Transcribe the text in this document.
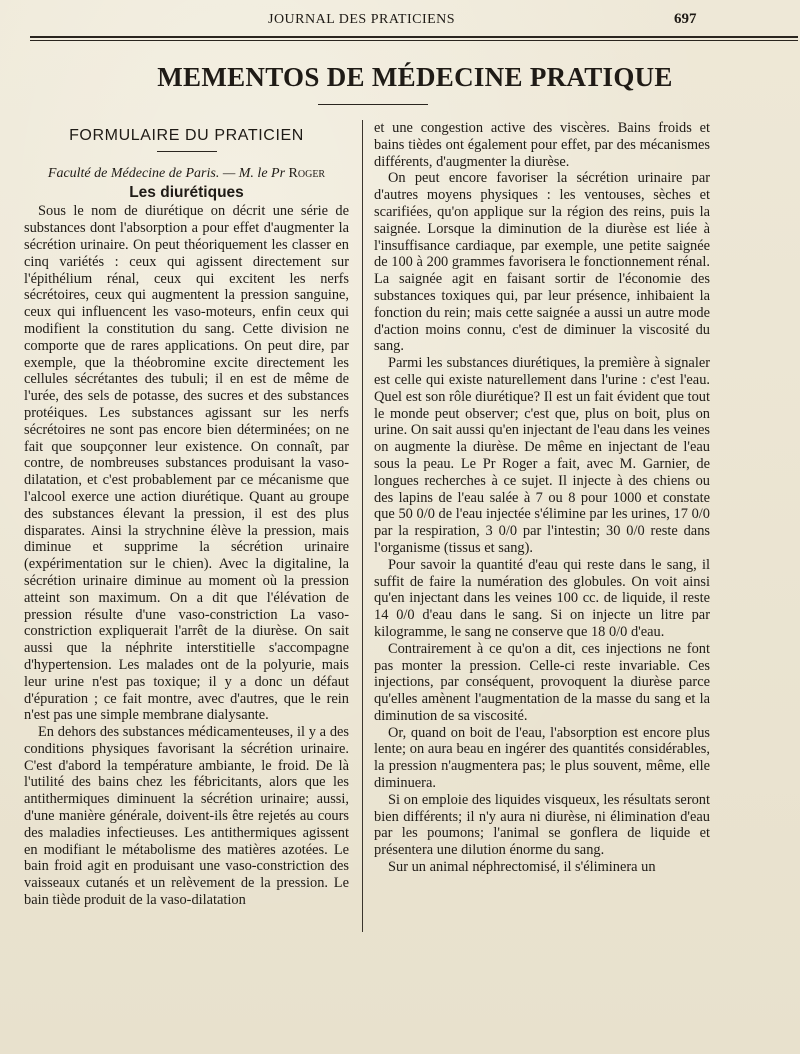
JOURNAL DES PRATICIENS	697
MEMENTOS DE MÉDECINE PRATIQUE
FORMULAIRE DU PRATICIEN
Faculté de Médecine de Paris. — M. le Pr Roger
Les diurétiques

Sous le nom de diurétique on décrit une série de substances dont l'absorption a pour effet d'augmenter la sécrétion urinaire. On peut théoriquement les classer en cinq variétés : ceux qui agissent directement sur l'épithélium rénal, ceux qui excitent les nerfs sécrétoires, ceux qui augmentent la pression sanguine, ceux qui influencent les vaso-moteurs, enfin ceux qui modifient la constitution du sang. Cette division ne comporte que de rares applications. On peut dire, par exemple, que la théobromine excite directement les cellules sécrétantes des tubuli; il en est de même de l'urée, des sels de potasse, des sucres et des substances protéiques. Les substances agissant sur les nerfs sécrétoires ne sont pas encore bien déterminées; on ne fait que soupçonner leur existence. On connaît, par contre, de nombreuses substances produisant la vaso-dilatation, et c'est probablement par ce mécanisme que l'alcool exerce une action diurétique. Quant au groupe des substances élevant la pression, il est des plus disparates. Ainsi la strychnine élève la pression, mais diminue et supprime la sécrétion urinaire (expérimentation sur le chien). Avec la digitaline, la sécrétion urinaire diminue au moment où la pression atteint son maximum. On a dit que l'élévation de pression résulte d'une vaso-constriction La vaso-constriction expliquerait l'arrêt de la diurèse. On sait aussi que la néphrite interstitielle s'accompagne d'hypertension. Les malades ont de la polyurie, mais leur urine n'est pas toxique; il y a donc un défaut d'épuration ; ce fait montre, avec d'autres, que le rein n'est pas une simple membrane dialysante.

En dehors des substances médicamenteuses, il y a des conditions physiques favorisant la sécrétion urinaire. C'est d'abord la température ambiante, le froid. De là l'utilité des bains chez les fébricitants, alors que les antithermiques diminuent la sécrétion urinaire; aussi, d'une manière générale, doivent-ils être rejetés au cours des maladies infectieuses. Les antithermiques agissent en modifiant le métabolisme des matières azotées. Le bain froid agit en produisant une vaso-constriction des vaisseaux cutanés et un relèvement de la pression. Le bain tiède produit de la vaso-dilatation

et une congestion active des viscères. Bains froids et bains tièdes ont également pour effet, par des mécanismes différents, d'augmenter la diurèse.

On peut encore favoriser la sécrétion urinaire par d'autres moyens physiques : les ventouses, sèches et scarifiées, qu'on applique sur la région des reins, puis la saignée. Lorsque la diminution de la diurèse est liée à l'insuffisance cardiaque, par exemple, une petite saignée de 100 à 200 grammes favorisera le fonctionnement rénal. La saignée agit en faisant sortir de l'économie des substances toxiques qui, par leur présence, inhibaient la fonction du rein; mais cette saignée a aussi un autre mode d'action moins connu, c'est de diminuer la viscosité du sang.

Parmi les substances diurétiques, la première à signaler est celle qui existe naturellement dans l'urine : c'est l'eau. Quel est son rôle diurétique? Il est un fait évident que tout le monde peut observer; c'est que, plus on boit, plus on urine. On sait aussi qu'en injectant de l'eau dans les veines on augmente la diurèse. De même en injectant de l'eau sous la peau. Le Pr Roger a fait, avec M. Garnier, de longues recherches à ce sujet. Il injecte à des chiens ou des lapins de l'eau salée à 7 ou 8 pour 1000 et constate que 50 0/0 de l'eau injectée s'élimine par les urines, 17 0/0 par la respiration, 3 0/0 par l'intestin; 30 0/0 reste dans l'organisme (tissus et sang).

Pour savoir la quantité d'eau qui reste dans le sang, il suffit de faire la numération des globules. On voit ainsi qu'en injectant dans les veines 100 cc. de liquide, il reste 14 0/0 d'eau dans le sang. Si on injecte un litre par kilogramme, le sang ne conserve que 18 0/0 d'eau.

Contrairement à ce qu'on a dit, ces injections ne font pas monter la pression. Celle-ci reste invariable. Ces injections, par conséquent, provoquent la diurèse parce qu'elles amènent l'augmentation de la masse du sang et la diminution de sa viscosité.

Or, quand on boit de l'eau, l'absorption est encore plus lente; on aura beau en ingérer des quantités considérables, la pression n'augmentera pas; le plus souvent, même, elle diminuera.

Si on emploie des liquides visqueux, les résultats seront bien différents; il n'y aura ni diurèse, ni élimination d'eau par les poumons; l'animal se gonflera de liquide et présentera une dilution énorme du sang.

Sur un animal néphrectomisé, il s'éliminera un
